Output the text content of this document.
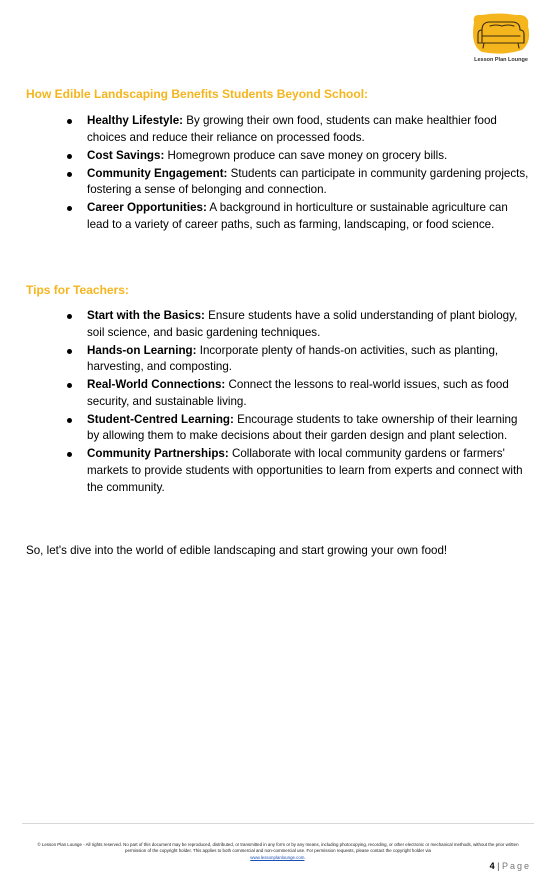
Lesson Plan Lounge
How Edible Landscaping Benefits Students Beyond School:
Healthy Lifestyle: By growing their own food, students can make healthier food choices and reduce their reliance on processed foods.
Cost Savings: Homegrown produce can save money on grocery bills.
Community Engagement: Students can participate in community gardening projects, fostering a sense of belonging and connection.
Career Opportunities: A background in horticulture or sustainable agriculture can lead to a variety of career paths, such as farming, landscaping, or food science.
Tips for Teachers:
Start with the Basics: Ensure students have a solid understanding of plant biology, soil science, and basic gardening techniques.
Hands-on Learning: Incorporate plenty of hands-on activities, such as planting, harvesting, and composting.
Real-World Connections: Connect the lessons to real-world issues, such as food security, and sustainable living.
Student-Centred Learning: Encourage students to take ownership of their learning by allowing them to make decisions about their garden design and plant selection.
Community Partnerships: Collaborate with local community gardens or farmers' markets to provide students with opportunities to learn from experts and connect with the community.
So, let's dive into the world of edible landscaping and start growing your own food!
© Lesson Plan Lounge - All rights reserved. No part of this document may be reproduced, distributed, or transmitted in any form or by any means, including photocopying, recording, or other electronic or mechanical methods, without the prior written permission of the copyright holder. This applies to both commercial and non-commercial use. For permission requests, please contact the copyright holder via
www.lessonplanlounge.com.
4 | Page
